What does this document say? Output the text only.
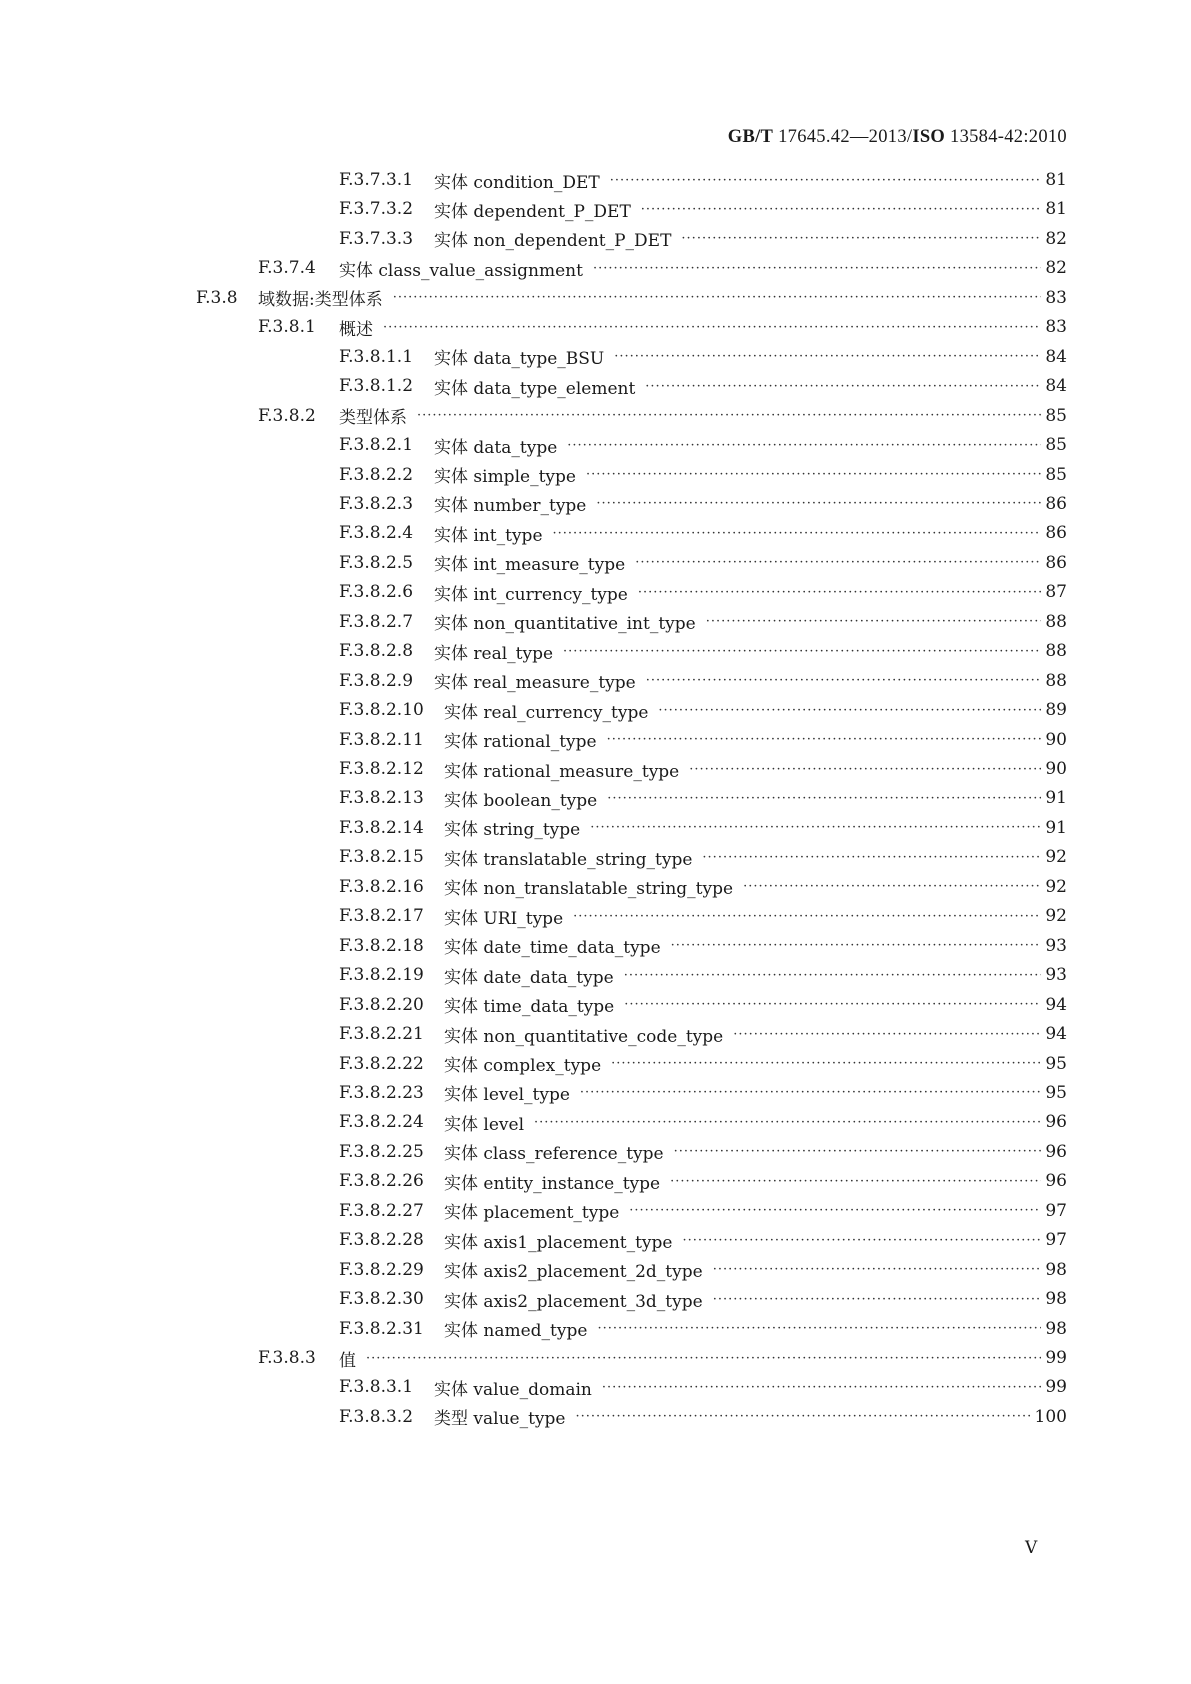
GB/T 17645.42—2013/ISO 13584-42:2010
F.3.7.3.1	实体 condition_DET ·····	81
F.3.7.3.2	实体 dependent_P_DET ·····	81
F.3.7.3.3	实体 non_dependent_P_DET ·····	82
F.3.7.4	实体 class_value_assignment ·····	82
F.3.8	域数据:类型体系 ·····	83
F.3.8.1	概述 ·····	83
F.3.8.1.1	实体 data_type_BSU ·····	84
F.3.8.1.2	实体 data_type_element ·····	84
F.3.8.2	类型体系 ·····	85
F.3.8.2.1	实体 data_type ·····	85
F.3.8.2.2	实体 simple_type ·····	85
F.3.8.2.3	实体 number_type ·····	86
F.3.8.2.4	实体 int_type ·····	86
F.3.8.2.5	实体 int_measure_type ·····	86
F.3.8.2.6	实体 int_currency_type ·····	87
F.3.8.2.7	实体 non_quantitative_int_type ·····	88
F.3.8.2.8	实体 real_type ·····	88
F.3.8.2.9	实体 real_measure_type ·····	88
F.3.8.2.10	实体 real_currency_type ·····	89
F.3.8.2.11	实体 rational_type ·····	90
F.3.8.2.12	实体 rational_measure_type ·····	90
F.3.8.2.13	实体 boolean_type ·····	91
F.3.8.2.14	实体 string_type ·····	91
F.3.8.2.15	实体 translatable_string_type ·····	92
F.3.8.2.16	实体 non_translatable_string_type ·····	92
F.3.8.2.17	实体 URI_type ·····	92
F.3.8.2.18	实体 date_time_data_type ·····	93
F.3.8.2.19	实体 date_data_type ·····	93
F.3.8.2.20	实体 time_data_type ·····	94
F.3.8.2.21	实体 non_quantitative_code_type ·····	94
F.3.8.2.22	实体 complex_type ·····	95
F.3.8.2.23	实体 level_type ·····	95
F.3.8.2.24	实体 level ·····	96
F.3.8.2.25	实体 class_reference_type ·····	96
F.3.8.2.26	实体 entity_instance_type ·····	96
F.3.8.2.27	实体 placement_type ·····	97
F.3.8.2.28	实体 axis1_placement_type ·····	97
F.3.8.2.29	实体 axis2_placement_2d_type ·····	98
F.3.8.2.30	实体 axis2_placement_3d_type ·····	98
F.3.8.2.31	实体 named_type ·····	98
F.3.8.3	值 ·····	99
F.3.8.3.1	实体 value_domain ·····	99
F.3.8.3.2	类型 value_type ·····	100
V
